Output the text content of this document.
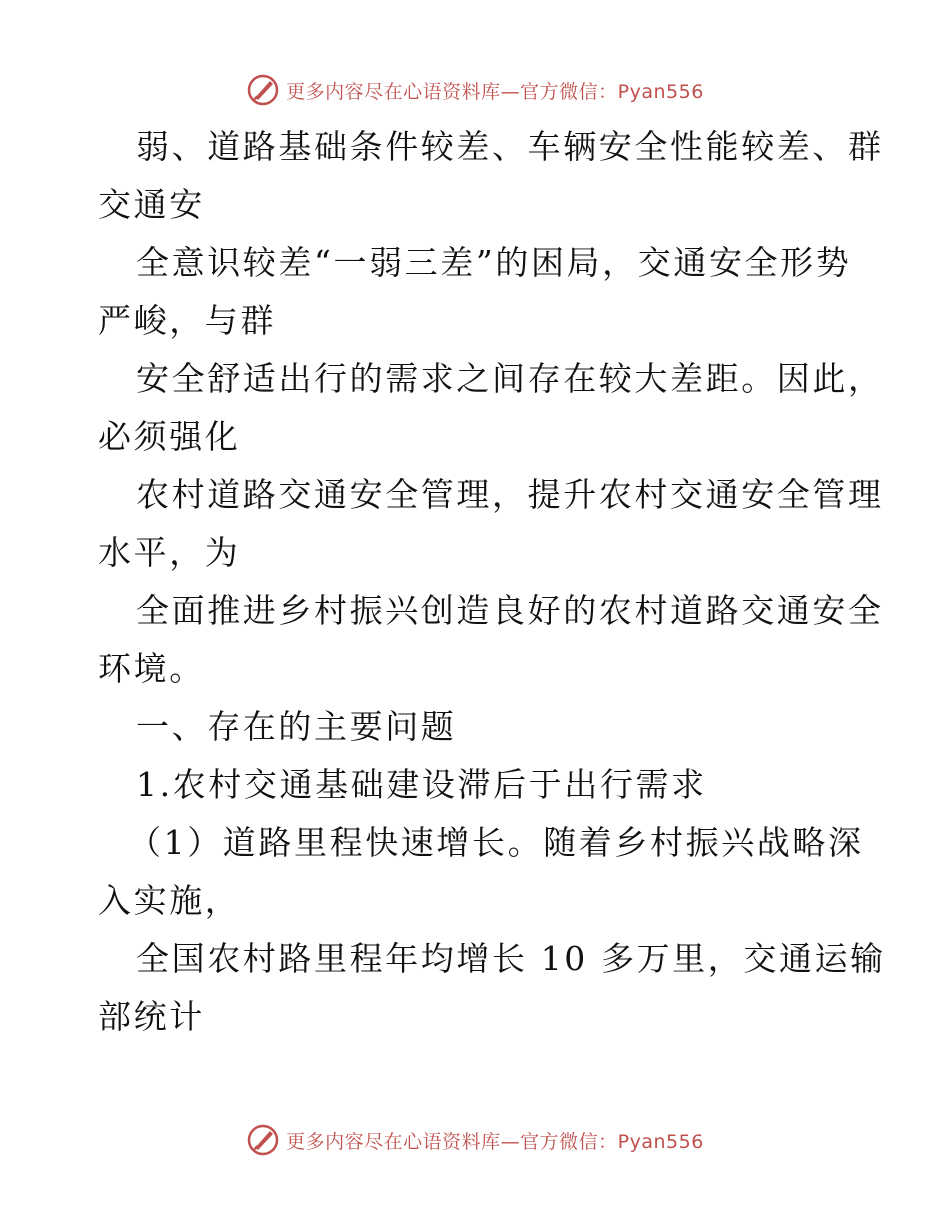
更多内容尽在心语资料库—官方微信：Pyan556
弱、道路基础条件较差、车辆安全性能较差、群
交通安
全意识较差“一弱三差”的困局，交通安全形势
严峻，与群
安全舒适出行的需求之间存在较大差距。因此，
必须强化
农村道路交通安全管理，提升农村交通安全管理
水平，为
全面推进乡村振兴创造良好的农村道路交通安全
环境。
一、存在的主要问题
1.农村交通基础建设滞后于出行需求
（1）道路里程快速增长。随着乡村振兴战略深
入实施，
全国农村路里程年均增长 10 多万里，交通运输
部统计
更多内容尽在心语资料库—官方微信：Pyan556
